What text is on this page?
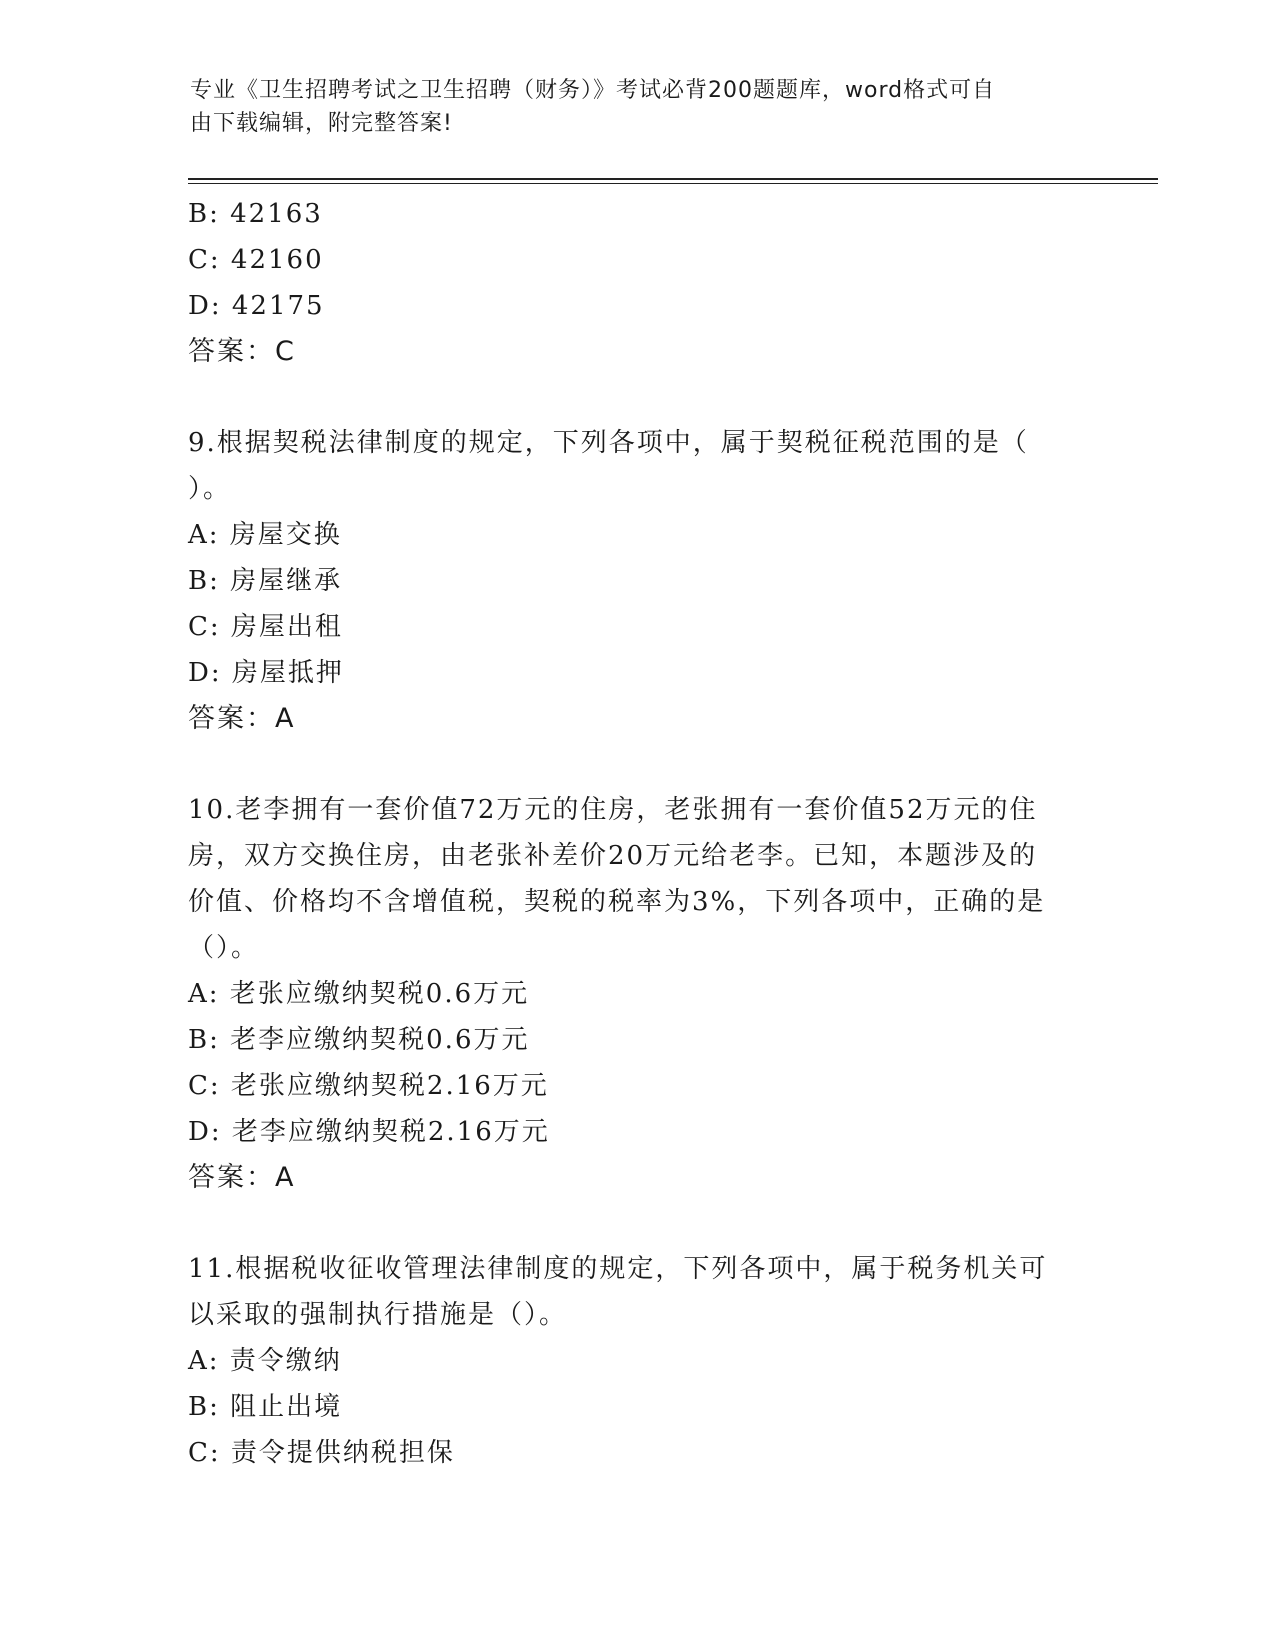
专业《卫生招聘考试之卫生招聘（财务）》考试必背200题题库，word格式可自
由下载编辑，附完整答案!
B: 42163
C: 42160
D: 42175
答案：C
9.根据契税法律制度的规定，下列各项中，属于契税征税范围的是（
）。
A: 房屋交换
B: 房屋继承
C: 房屋出租
D: 房屋抵押
答案：A
10.老李拥有一套价值72万元的住房，老张拥有一套价值52万元的住
房，双方交换住房，由老张补差价20万元给老李。已知，本题涉及的
价值、价格均不含增值税，契税的税率为3%，下列各项中，正确的是
（）。
A: 老张应缴纳契税0.6万元
B: 老李应缴纳契税0.6万元
C: 老张应缴纳契税2.16万元
D: 老李应缴纳契税2.16万元
答案：A
11.根据税收征收管理法律制度的规定，下列各项中，属于税务机关可
以采取的强制执行措施是（）。
A: 责令缴纳
B: 阻止出境
C: 责令提供纳税担保
